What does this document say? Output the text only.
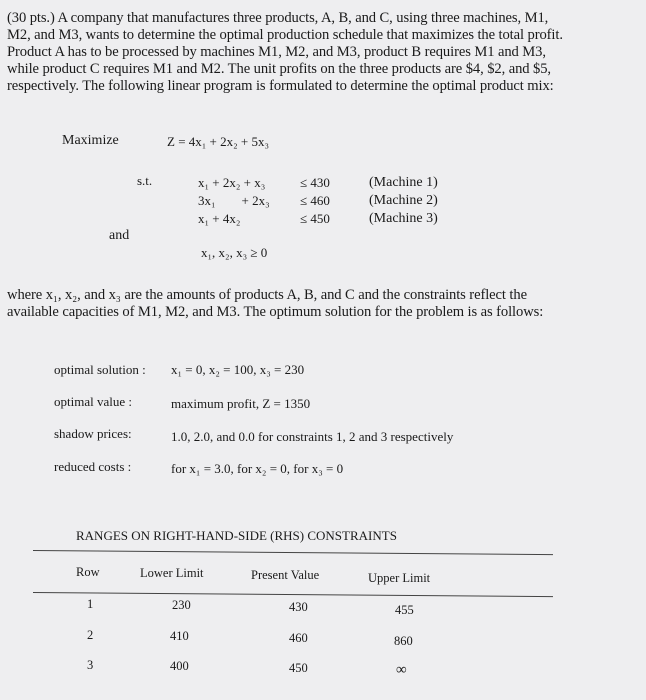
(30 pts.) A company that manufactures three products, A, B, and C, using three machines, M1,
M2, and M3, wants to determine the optimal production schedule that maximizes the total profit.
Product A has to be processed by machines M1, M2, and M3, product B requires M1 and M3,
while product C requires M1 and M2. The unit profits on the three products are $4, $2, and $5,
respectively. The following linear program is formulated to determine the optimal product mix:
Maximize	Z = 4x₁ + 2x₂ + 5x₃
s.t.	x₁ + 2x₂ + x₃	≤ 430	(Machine 1)
3x₁        + 2x₃ ≤ 460	(Machine 2)
x₁ + 4x₂	≤ 450	(Machine 3)
and
x₁, x₂, x₃ ≥ 0
where x₁, x₂, and x₃ are the amounts of products A, B, and C and the constraints reflect the
available capacities of M1, M2, and M3. The optimum solution for the problem is as follows:
optimal solution : x₁ = 0, x₂ = 100, x₃ = 230
optimal value :	maximum profit, Z = 1350
shadow prices:	1.0, 2.0, and 0.0 for constraints 1, 2 and 3 respectively
reduced costs :	for x₁ = 3.0, for x₂ = 0, for x₃ = 0
RANGES ON RIGHT-HAND-SIDE (RHS) CONSTRAINTS
Row	Lower Limit	Present Value	Upper Limit
1	230	430	455
2	410	460	860
3	400	450	∞
